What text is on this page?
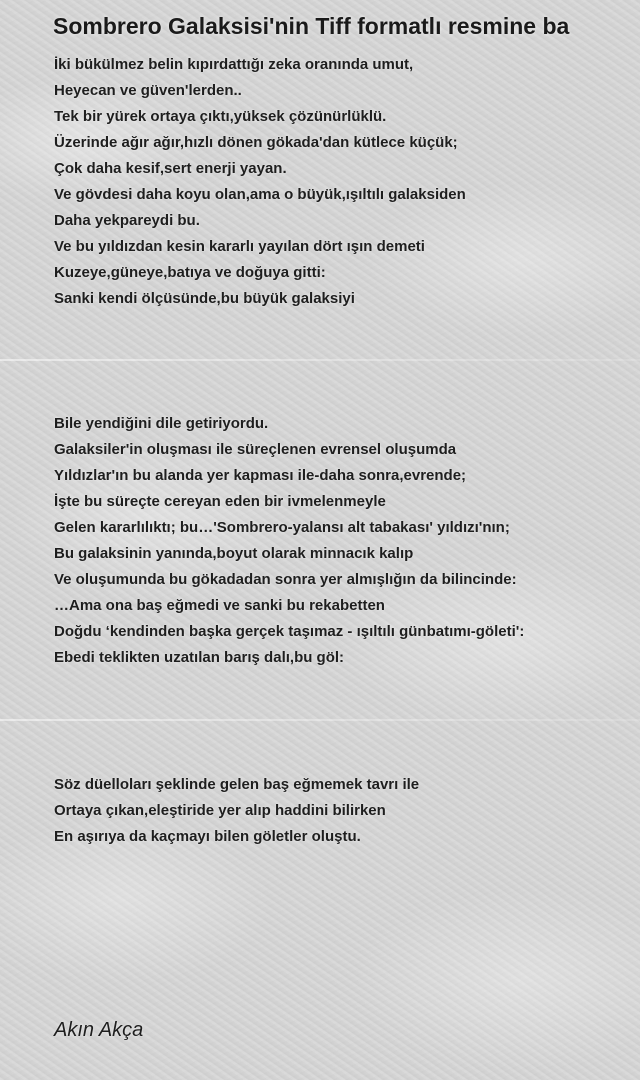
Sombrero Galaksisi'nin Tiff formatlı resmine ba
İki bükülmez belin kıpırdattığı zeka oranında umut,
Heyecan ve güven'lerden..
Tek bir yürek ortaya çıktı,yüksek çözünürlüklü.
Üzerinde ağır ağır,hızlı dönen gökada'dan kütlece küçük;
Çok daha kesif,sert enerji yayan.
Ve gövdesi daha koyu olan,ama o büyük,ışıltılı galaksiden
Daha yekpareydi bu.
Ve bu yıldızdan kesin kararlı yayılan dört ışın demeti
Kuzeye,güneye,batıya ve doğuya gitti:
Sanki kendi ölçüsünde,bu büyük galaksiyi
Bile yendiğini dile getiriyordu.
Galaksiler'in oluşması ile süreçlenen evrensel oluşumda
Yıldızlar'ın bu alanda yer kapması ile-daha sonra,evrende;
İşte bu süreçte cereyan eden bir ivmelenmeyle
Gelen kararlılıktı; bu…'Sombrero-yalansı alt tabakası' yıldızı'nın;
Bu galaksinin yanında,boyut olarak minnacık kalıp
Ve oluşumunda bu gökadadan sonra yer almışlığın da bilincinde:
…Ama ona baş eğmedi ve sanki bu rekabetten
Doğdu ‘kendinden başka gerçek taşımaz - ışıltılı günbatımı-göleti':
Ebedi teklikten uzatılan barış dalı,bu göl:
Söz düelloları şeklinde gelen baş eğmemek tavrı ile
Ortaya çıkan,eleştiride yer alıp haddini bilirken
En aşırıya da kaçmayı bilen göletler oluştu.
Akın Akça
